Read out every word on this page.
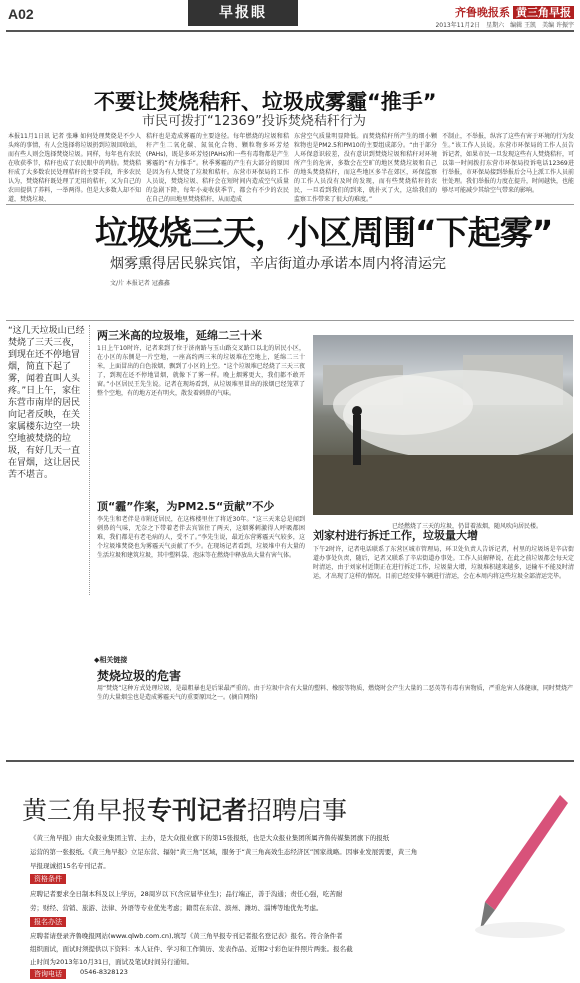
A02	早报眼	齐鲁晚报系 黄三角早报
2013年11月2日　星期六　编辑 王凯　美编 许振宇
不要让焚烧秸秆、垃圾成雾霾“推手”
市民可拨打“12369”投诉焚烧秸秆行为
本报11月1日讯 记者 张琳 如何处理焚烧是不少人头疼的事情，有人会选择将垃圾扔到垃圾回收站，而有些人则会选择焚烧垃圾。同样，每年也有农民在收获季节，秸秆也成了农民眼中的鸡肋。焚烧秸秆成了大多数农民处理秸秆的主要手段，许多农民认为，焚烧秸秆既处理了无用的秸秆，又为自己的农田提供了养料，一举两得。但是大多数人却不知道，焚烧垃圾、
秸秆也是造成雾霾的主要途径。每年燃烧的垃圾和秸秆产生二氧化碳、氮氧化合物、颗粒物多环芳烃(PAHs)，既是多环芳烃(PAHs)和一些有毒物都是产生雾霾的“有力推手”。秋季雾霾的产生有大部分的原因是因为有人焚烧了垃圾和秸秆。东营市环保局的工作人员说，焚烧垃圾、秸秆会在短时间内造成空气质量的急剧下降，每年小麦收获季节，都会有不少的农民在自己的田地里焚烧秸秆，从而造成
东营空气质量明显降低。而焚烧秸秆所产生的细小颗粒物也是PM2.5和PM10的主要组成部分。“由于部分人环保意识较差，没有意识到焚烧垃圾和秸秆对环境所产生的危害，多数会在空旷的地区焚烧垃圾和自己的地头焚烧秸秆，而这些地区多半在郊区，环保监察的工作人员没有及时的发现，而有些焚烧秸秆的农民，一旦看到我们的到来，就扑灭了火，这给我们的监察工作带来了很大的难度。”
不制止，不举报，纵容了这些有害于环境的行为发生。”该工作人员说。东营市环保局的工作人员告诉记者，如果市民一旦发现这些有人焚烧秸秆，可以第一时间拨打东营市环保局投诉电话12369进行举报，市环保局接到举报后会马上派工作人员前往处理。我们举报的力度在提升，时间越快，也能够尽可能减少其给空气带来的影响。
垃圾烧三天，小区周围“下起雾”
烟雾熏得居民躲宾馆，辛店街道办承诺本周内将清运完
文/片 本报记者 冠鑫鑫
“这几天垃圾山已经焚烧了三天三夜，到现在还不停地冒烟，简直下起了雾，闻着直叫人头疼。”日上午，家住东营市南岸的居民向记者反映，在关家属楼东边空一块空地被焚烧的垃圾，有好几天一直在冒烟，这让居民苦不堪言。
两三米高的垃圾堆，延绵二三十米
1日上午10时许，记者来到了位于济南路与玉山路交叉路口以北的居民小区，在小区的东侧是一片空地，一座高约两三米的垃圾堆在空地上，延绵二三十米，上面冒出的白色浓烟，飘到了小区的上空。“这个垃圾堆已经烧了三天三夜了，到现在还不停地冒烟，就像下了雾一样。晚上烟雾更大，我们都不敢开窗。”小区居民王先生说。记者在现场看到，从垃圾堆里冒出的浓烟已经笼罩了整个空地，有的地方还有明火，散发着刺鼻的气味。
顶“霾”作案，为PM2.5“贡献”不少
李先生和老伴是市附近居民，在这栋楼里住了将近30年。“这三天来总是闻到刺鼻的气味，无奈之下带着老伴去宾馆住了两天，这烟雾刺激得人呼吸都困难，我们都是有老毛病的人，受不了。”李先生说，最近东营雾霾天气较多，这个垃圾堆焚烧也为雾霾天气贡献了不少。在现场记者看到，垃圾堆中有大量的生活垃圾和建筑垃圾，其中塑料袋、泡沫等在燃烧中释放出大量有害气体。
已经燃烧了三天的垃圾，仍冒着浓烟，随风吹向居民楼。
刘家村进行拆迁工作，垃圾量大增
下午2时许，记者电话联系了东营区城市管理局，环卫处负责人告诉记者，村里的垃圾场是辛店街道办事处负责，随后，记者又联系了辛店街道办事处。工作人员解释说，在此之前垃圾都会每天定时清运，由于刘家村近期正在进行拆迁工作，垃圾量大增，垃圾堆积越来越多，运输车不能及时清运，才出现了这样的情况。目前已经安排车辆进行清运，会在本周内将这些垃圾全部清运完毕。
◆相关链接
焚烧垃圾的危害
用“焚烧”这种方式处理垃圾，是最粗暴也是后果最严重的。由于垃圾中含有大量的塑料、橡胶等物质，燃烧时会产生大量的二恶英等有毒有害物质，严重危害人体健康，同时焚烧产生的大量烟尘也是造成雾霾天气的重要原因之一。(摘自网络)
黄三角早报专刊记者招聘启事
《黄三角早报》由大众报业集团主管、主办，是大众报业旗下的第15张报纸，也是大众报业集团所属齐鲁传媒集团旗下的报纸
运营的第一张报纸。《黄三角早报》立足东营、辐射“黄三角”区域，服务于“黄三角高效生态经济区”国家战略。因事业发展需要，黄三角
早报现诚招15名专刊记者。
资格条件
应聘记者要求全日制本科及以上学历，28周岁以下(含应届毕业生)；品行端正，善于沟通；责任心强，吃苦耐
劳；财经、营销、旅游、法律、外语等专业优先考虑；籍贯在东营、滨州、潍坊、淄博等地优先考虑。
报名办法
应聘者请登录齐鲁晚报网站(www.qlwb.com.cn),填写《黄三角早报专刊记者报名登记表》报名。符合条件者
组织面试，面试时须提供以下资料：本人证件、学习和工作简历、发表作品、近期2寸彩色证件照片两张。报名截
止时间为2013年10月31日，面试及笔试时间另行通知。
咨询电话	0546-8328123
